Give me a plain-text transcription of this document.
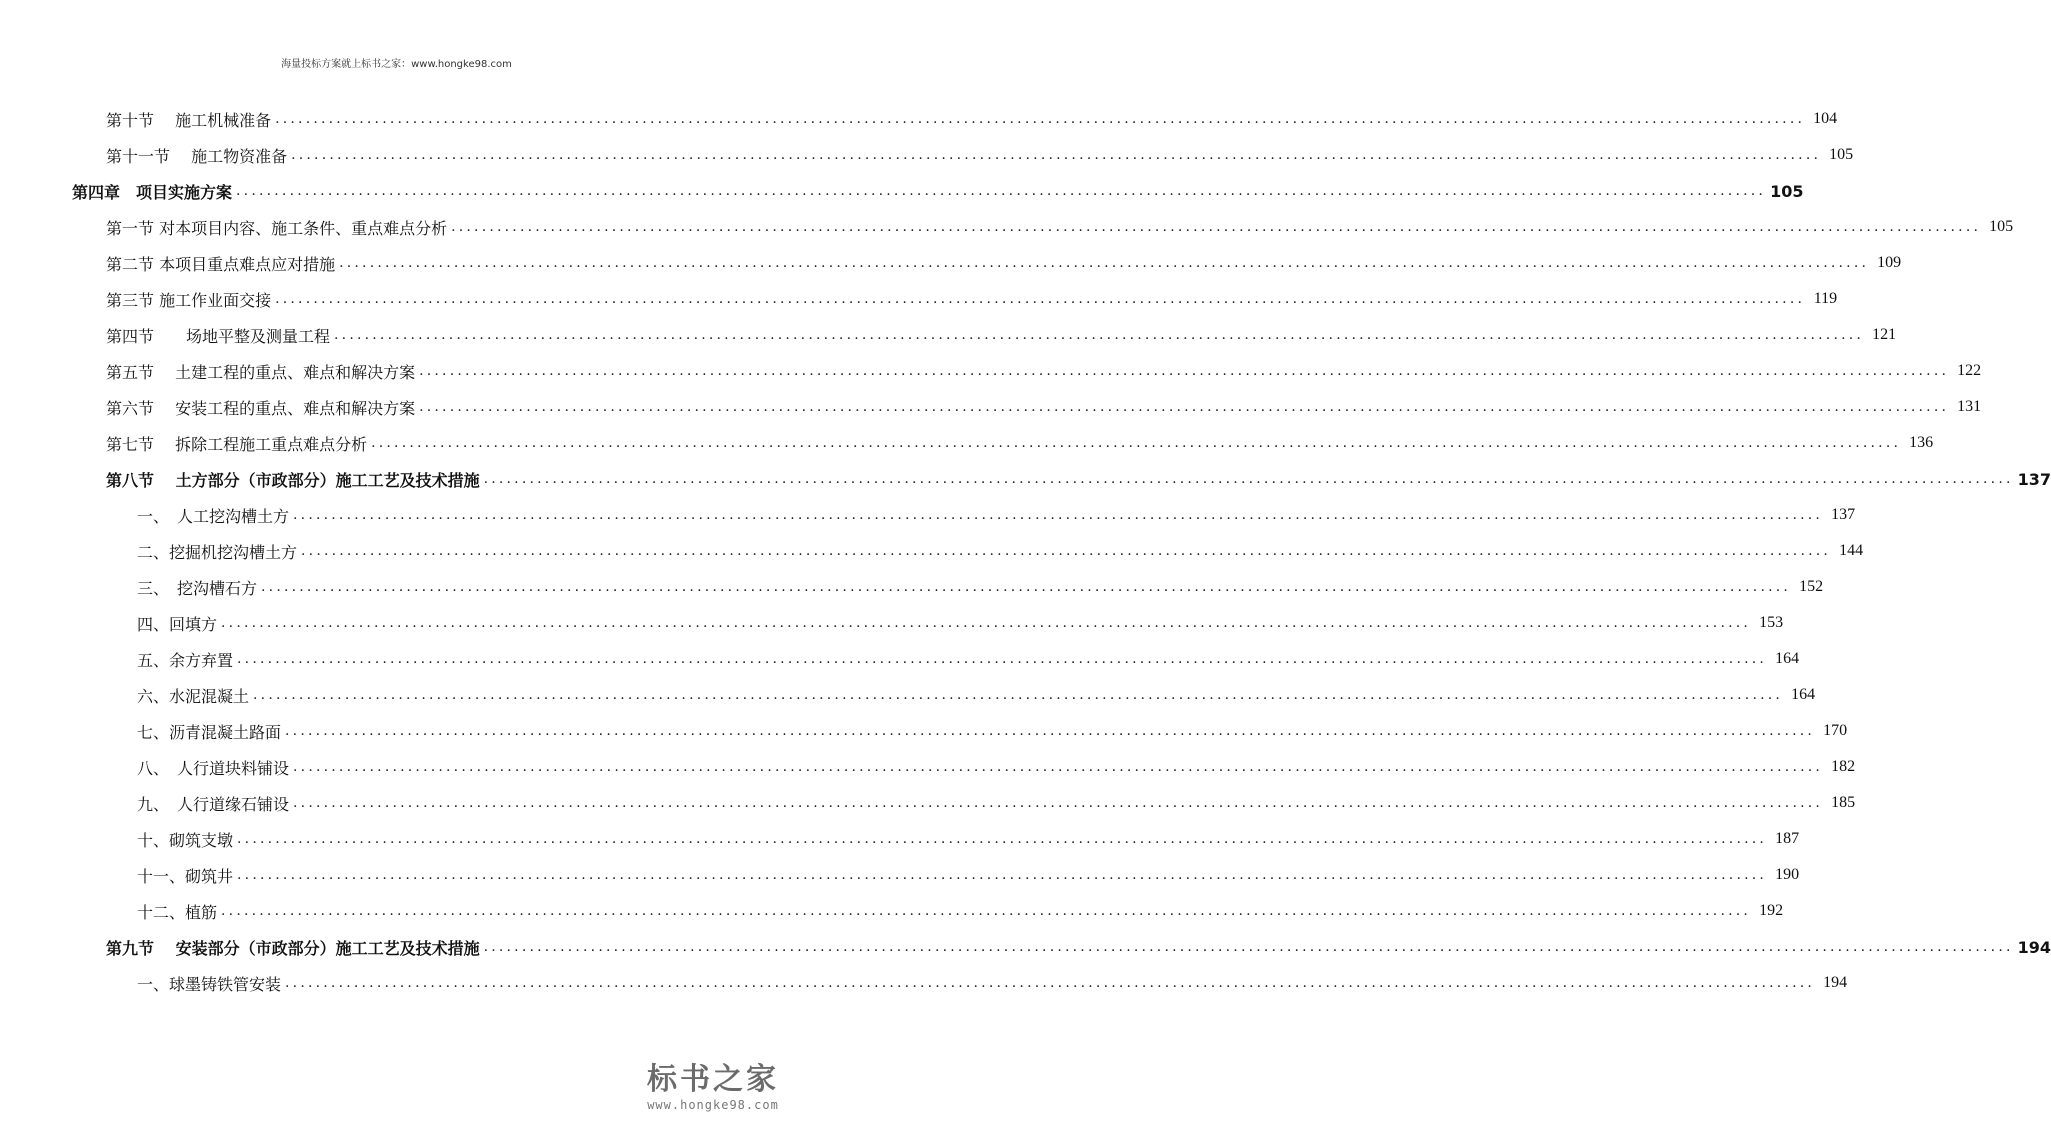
海量投标方案就上标书之家：www.hongke98.com
第十节　 施工机械准备 ........................................................................................................................................................................................................ 104
第十一节　 施工物资准备 ........................................................................................................................................................................................................ 105
第四章　项目实施方案 ........................................................................................................................................................................................................ 105
第一节 对本项目内容、施工条件、重点难点分析 ........................................................................................................................................................................................................ 105
第二节 本项目重点难点应对措施 ........................................................................................................................................................................................................ 109
第三节 施工作业面交接 ........................................................................................................................................................................................................ 119
第四节　　场地平整及测量工程 ........................................................................................................................................................................................................ 121
第五节　 土建工程的重点、难点和解决方案 ........................................................................................................................................................................................................ 122
第六节　 安装工程的重点、难点和解决方案 ........................................................................................................................................................................................................ 131
第七节　 拆除工程施工重点难点分析 ........................................................................................................................................................................................................ 136
第八节　 土方部分（市政部分）施工工艺及技术措施 ........................................................................................................................................................................................................ 137
一、　人工挖沟槽土方 ........................................................................................................................................................................................................ 137
二、挖掘机挖沟槽土方 ........................................................................................................................................................................................................ 144
三、　挖沟槽石方 ........................................................................................................................................................................................................ 152
四、回填方 ........................................................................................................................................................................................................ 153
五、余方弃置 ........................................................................................................................................................................................................ 164
六、水泥混凝土 ........................................................................................................................................................................................................ 164
七、沥青混凝土路面 ........................................................................................................................................................................................................ 170
八、　人行道块料铺设 ........................................................................................................................................................................................................ 182
九、　人行道缘石铺设 ........................................................................................................................................................................................................ 185
十、砌筑支墩 ........................................................................................................................................................................................................ 187
十一、砌筑井 ........................................................................................................................................................................................................ 190
十二、植筋 ........................................................................................................................................................................................................ 192
第九节　 安装部分（市政部分）施工工艺及技术措施 ........................................................................................................................................................................................................ 194
一、球墨铸铁管安装 ........................................................................................................................................................................................................ 194
标书之家
www.hongke98.com
